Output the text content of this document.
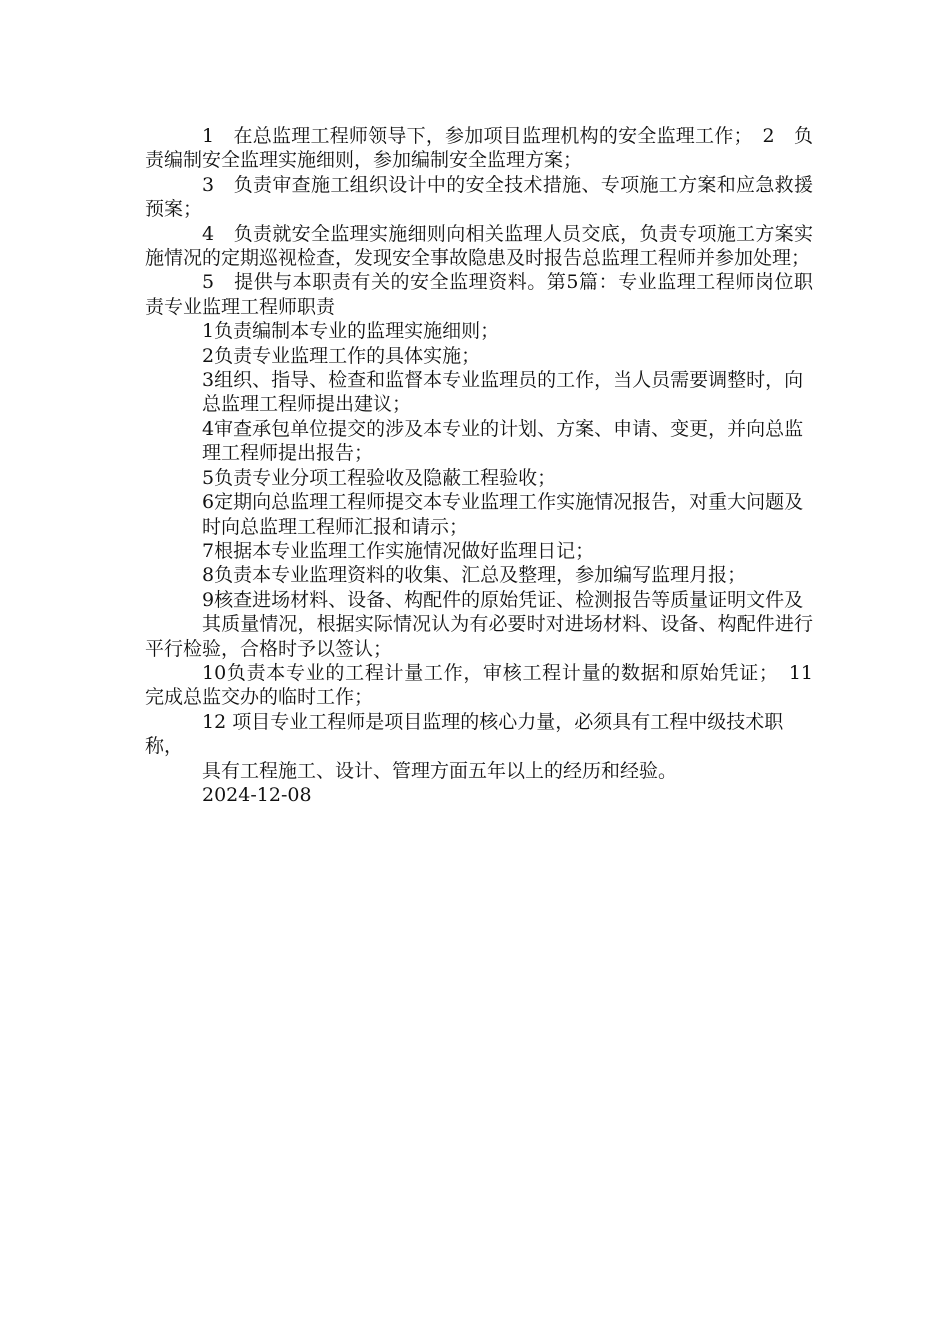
1　在总监理工程师领导下，参加项目监理机构的安全监理工作；　2　负责编制安全监理实施细则，参加编制安全监理方案；

3　负责审查施工组织设计中的安全技术措施、专项施工方案和应急救援预案；

4　负责就安全监理实施细则向相关监理人员交底，负责专项施工方案实施情况的定期巡视检查，发现安全事故隐患及时报告总监理工程师并参加处理；

5　提供与本职责有关的安全监理资料。第5篇：专业监理工程师岗位职责专业监理工程师职责

1负责编制本专业的监理实施细则；

2负责专业监理工作的具体实施；

3组织、指导、检查和监督本专业监理员的工作，当人员需要调整时，向

总监理工程师提出建议；

4审查承包单位提交的涉及本专业的计划、方案、申请、变更，并向总监

理工程师提出报告；

5负责专业分项工程验收及隐蔽工程验收；

6定期向总监理工程师提交本专业监理工作实施情况报告，对重大问题及

时向总监理工程师汇报和请示；

7根据本专业监理工作实施情况做好监理日记；

8负责本专业监理资料的收集、汇总及整理，参加编写监理月报；

9核查进场材料、设备、构配件的原始凭证、检测报告等质量证明文件及

其质量情况，根据实际情况认为有必要时对进场材料、设备、构配件进行平行检验，合格时予以签认；

10负责本专业的工程计量工作，审核工程计量的数据和原始凭证；　11 完成总监交办的临时工作；

12 项目专业工程师是项目监理的核心力量，必须具有工程中级技术职称，

具有工程施工、设计、管理方面五年以上的经历和经验。

2024-12-08
